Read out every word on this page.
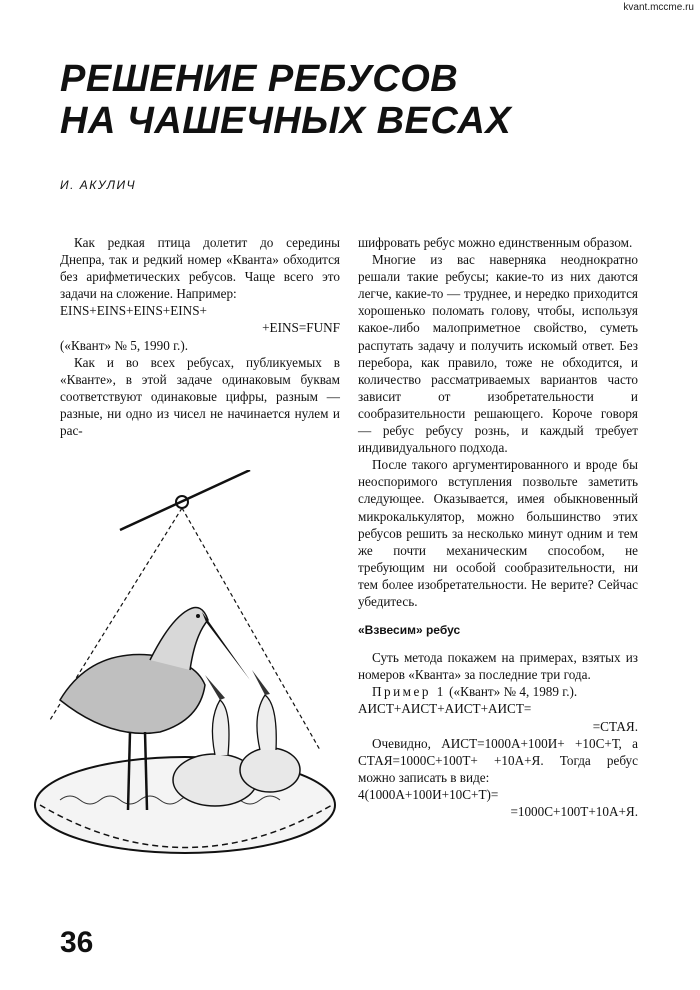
kvant.mccme.ru
РЕШЕНИЕ РЕБУСОВ
НА ЧАШЕЧНЫХ ВЕСАХ
И. АКУЛИЧ

Как редкая птица долетит до середины Днепра, так и редкий номер «Кванта» обходится без арифметических ребусов. Чаще всего это задачи на сложение. Например:

EINS+EINS+EINS+EINS+

+EINS=FUNF

(«Квант» № 5, 1990 г.).

Как и во всех ребусах, публикуемых в «Кванте», в этой задаче одинаковым буквам соответствуют одинаковые цифры, разным — разные, ни одно из чисел не начинается нулем и рас-

шифровать ребус можно единственным образом.

Многие из вас наверняка неоднократно решали такие ребусы; какие-то из них даются легче, какие-то — труднее, и нередко приходится хорошенько поломать голову, чтобы, используя какое-либо малоприметное свойство, суметь распутать задачу и получить искомый ответ. Без перебора, как правило, тоже не обходится, и количество рассматриваемых вариантов часто зависит от изобретательности и сообразительности решающего. Короче говоря — ребус ребусу рознь, и каждый требует индивидуального подхода.

После такого аргументированного и вроде бы неоспоримого вступления позвольте заметить следующее. Оказывается, имея обыкновенный микрокалькулятор, можно большинство этих ребусов решить за несколько минут одним и тем же почти механическим способом, не требующим ни особой сообразительности, ни тем более изобретательности. Не верите? Сейчас убедитесь.

«Взвесим» ребус

Суть метода покажем на примерах, взятых из номеров «Кванта» за последние три года.

Пример 1 («Квант» № 4, 1989 г.).

АИСТ+АИСТ+АИСТ+АИСТ=

=СТАЯ.

Очевидно, АИСТ=1000А+100И+ +10С+Т, а СТАЯ=1000С+100Т+ +10А+Я. Тогда ребус можно записать в виде:

4(1000А+100И+10С+Т)=

=1000С+100Т+10А+Я.

36
